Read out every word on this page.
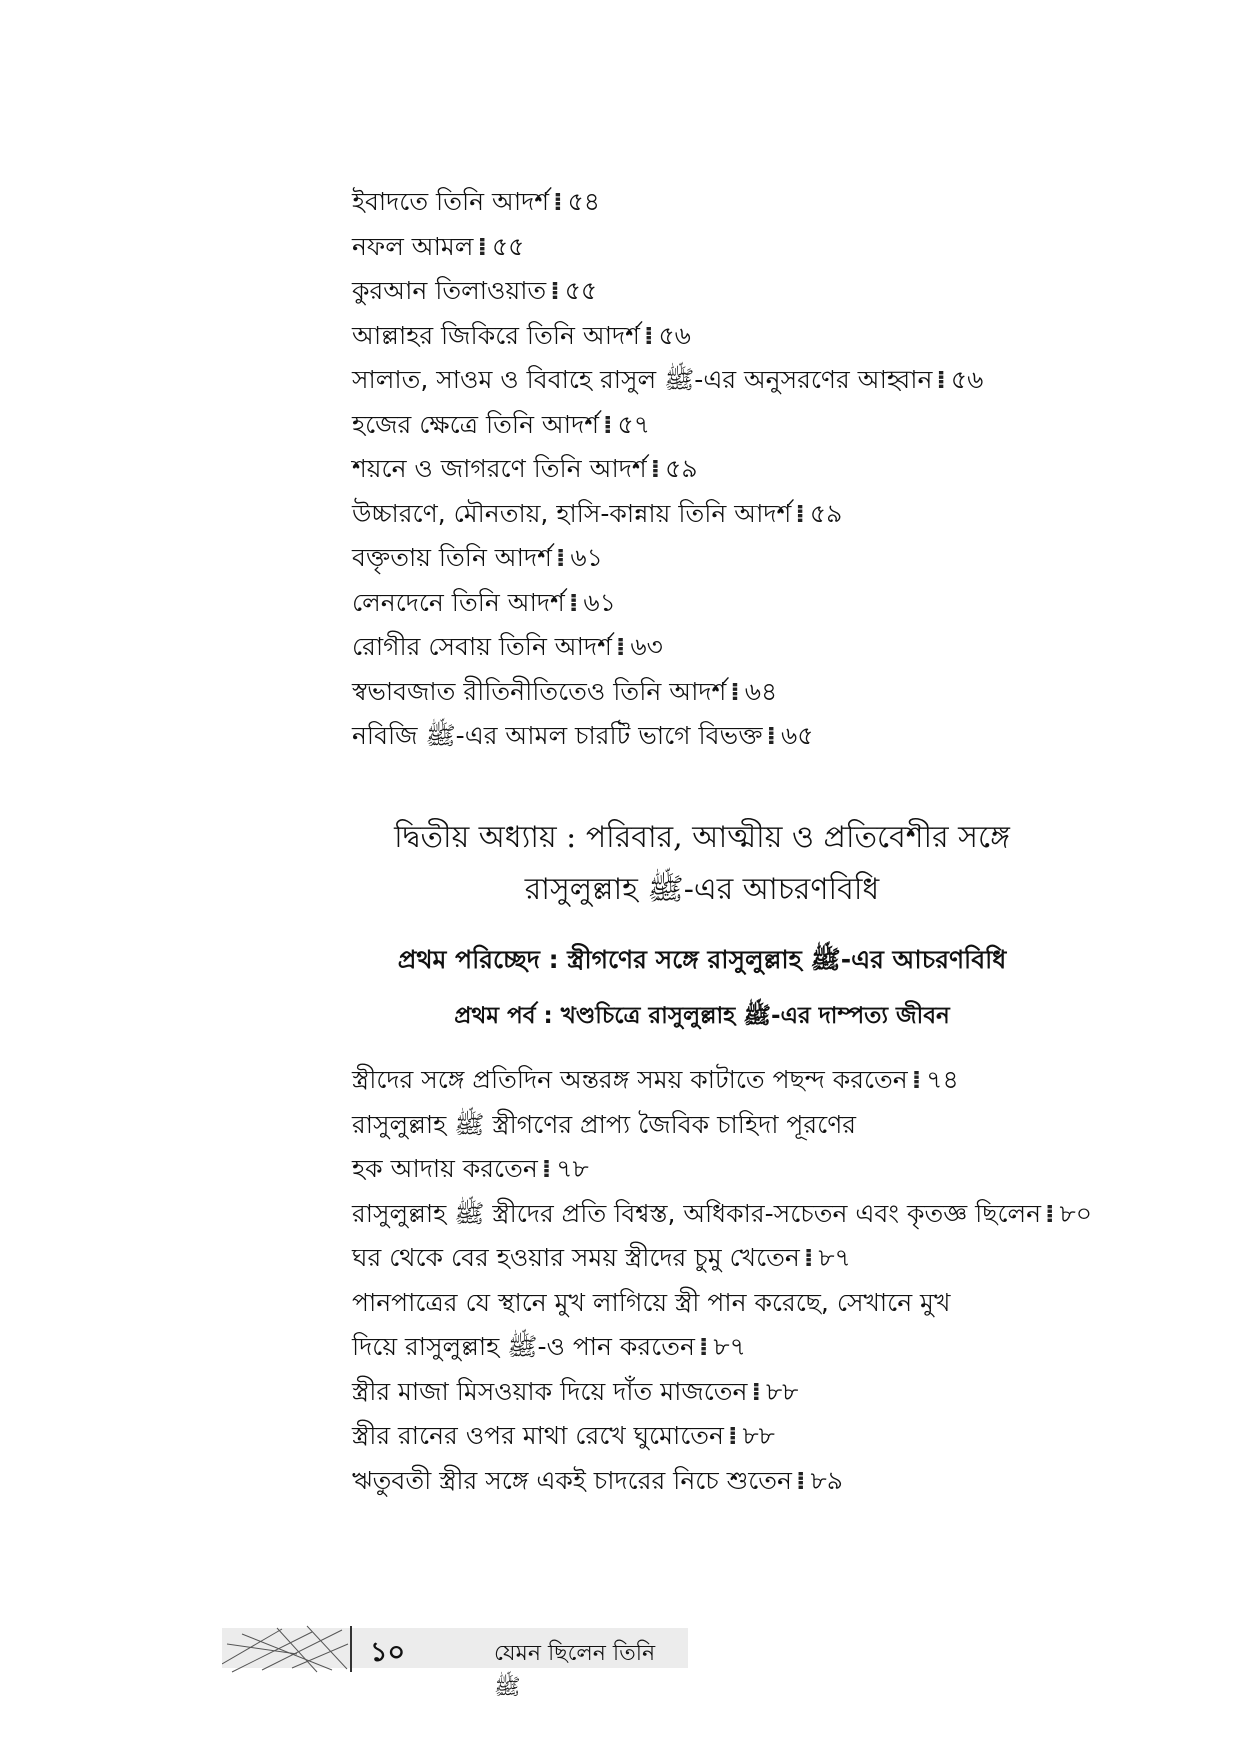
ইবাদতে তিনি আদর্শ ⁞ ৫৪
নফল আমল ⁞ ৫৫
কুরআন তিলাওয়াত ⁞ ৫৫
আল্লাহর জিকিরে তিনি আদর্শ ⁞ ৫৬
সালাত, সাওম ও বিবাহে রাসুল ﷺ-এর অনুসরণের আহ্বান ⁞ ৫৬
হজের ক্ষেত্রে তিনি আদর্শ ⁞ ৫৭
শয়নে ও জাগরণে তিনি আদর্শ ⁞ ৫৯
উচ্চারণে, মৌনতায়, হাসি-কান্নায় তিনি আদর্শ ⁞ ৫৯
বক্তৃতায় তিনি আদর্শ ⁞ ৬১
লেনদেনে তিনি আদর্শ ⁞ ৬১
রোগীর সেবায় তিনি আদর্শ ⁞ ৬৩
স্বভাবজাত রীতিনীতিতেও তিনি আদর্শ ⁞ ৬৪
নবিজি ﷺ-এর আমল চারটি ভাগে বিভক্ত ⁞ ৬৫
দ্বিতীয় অধ্যায় : পরিবার, আত্মীয় ও প্রতিবেশীর সঙ্গে
রাসুলুল্লাহ ﷺ-এর আচরণবিধি
প্রথম পরিচ্ছেদ : স্ত্রীগণের সঙ্গে রাসুলুল্লাহ ﷺ-এর আচরণবিধি
প্রথম পর্ব : খণ্ডচিত্রে রাসুলুল্লাহ ﷺ-এর দাম্পত্য জীবন
স্ত্রীদের সঙ্গে প্রতিদিন অন্তরঙ্গ সময় কাটাতে পছন্দ করতেন ⁞ ৭৪
রাসুলুল্লাহ ﷺ স্ত্রীগণের প্রাপ্য জৈবিক চাহিদা পূরণের
হক আদায় করতেন ⁞ ৭৮
রাসুলুল্লাহ ﷺ স্ত্রীদের প্রতি বিশ্বস্ত, অধিকার-সচেতন এবং কৃতজ্ঞ ছিলেন ⁞ ৮০
ঘর থেকে বের হওয়ার সময় স্ত্রীদের চুমু খেতেন ⁞ ৮৭
পানপাত্রের যে স্থানে মুখ লাগিয়ে স্ত্রী পান করেছে, সেখানে মুখ
দিয়ে রাসুলুল্লাহ ﷺ-ও পান করতেন ⁞ ৮৭
স্ত্রীর মাজা মিসওয়াক দিয়ে দাঁত মাজতেন ⁞ ৮৮
স্ত্রীর রানের ওপর মাথা রেখে ঘুমোতেন ⁞ ৮৮
ঋতুবতী স্ত্রীর সঙ্গে একই চাদরের নিচে শুতেন ⁞ ৮৯
১০	যেমন ছিলেন তিনি ﷺ
